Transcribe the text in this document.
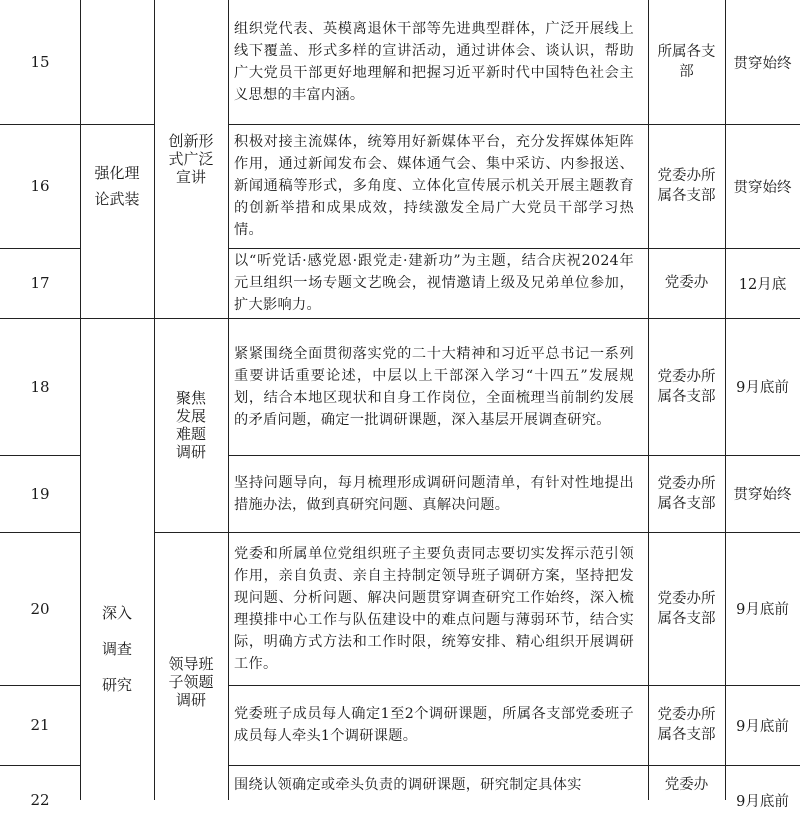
15
组织党代表、英模离退休干部等先进典型群体，广泛开展线上线下覆盖、形式多样的宣讲活动，通过讲体会、谈认识，帮助广大党员干部更好地理解和把握习近平新时代中国特色社会主义思想的丰富内涵。
所属各支部
贯穿始终
16
积极对接主流媒体，统筹用好新媒体平台，充分发挥媒体矩阵作用，通过新闻发布会、媒体通气会、集中采访、内参报送、新闻通稿等形式，多角度、立体化宣传展示机关开展主题教育的创新举措和成果成效，持续激发全局广大党员干部学习热情。
党委办所属各支部
贯穿始终
17
以“听党话·感党恩·跟党走·建新功”为主题，结合庆祝2024年元旦组织一场专题文艺晚会，视情邀请上级及兄弟单位参加，扩大影响力。
党委办	12月底
18
紧紧围绕全面贯彻落实党的二十大精神和习近平总书记一系列重要讲话重要论述，中层以上干部深入学习“十四五”发展规划，结合本地区现状和自身工作岗位，全面梳理当前制约发展的矛盾问题，确定一批调研课题，深入基层开展调查研究。
党委办所属各支部
9月底前
19
坚持问题导向，每月梳理形成调研问题清单，有针对性地提出措施办法，做到真研究问题、真解决问题。
党委办所属各支部
贯穿始终
20
党委和所属单位党组织班子主要负责同志要切实发挥示范引领作用，亲自负责、亲自主持制定领导班子调研方案，坚持把发现问题、分析问题、解决问题贯穿调查研究工作始终，深入梳理摸排中心工作与队伍建设中的难点问题与薄弱环节，结合实际，明确方式方法和工作时限，统筹安排、精心组织开展调研工作。
党委办所属各支部
9月底前
21
党委班子成员每人确定1至2个调研课题，所属各支部党委班子成员每人牵头1个调研课题。
党委办所属各支部
9月底前
22
围绕认领确定或牵头负责的调研课题，研究制定具体实	党委办
9月底前
强化理论武装
深入调查研究
创新形式广泛宣讲
聚焦发展难题调研
领导班子领题调研
